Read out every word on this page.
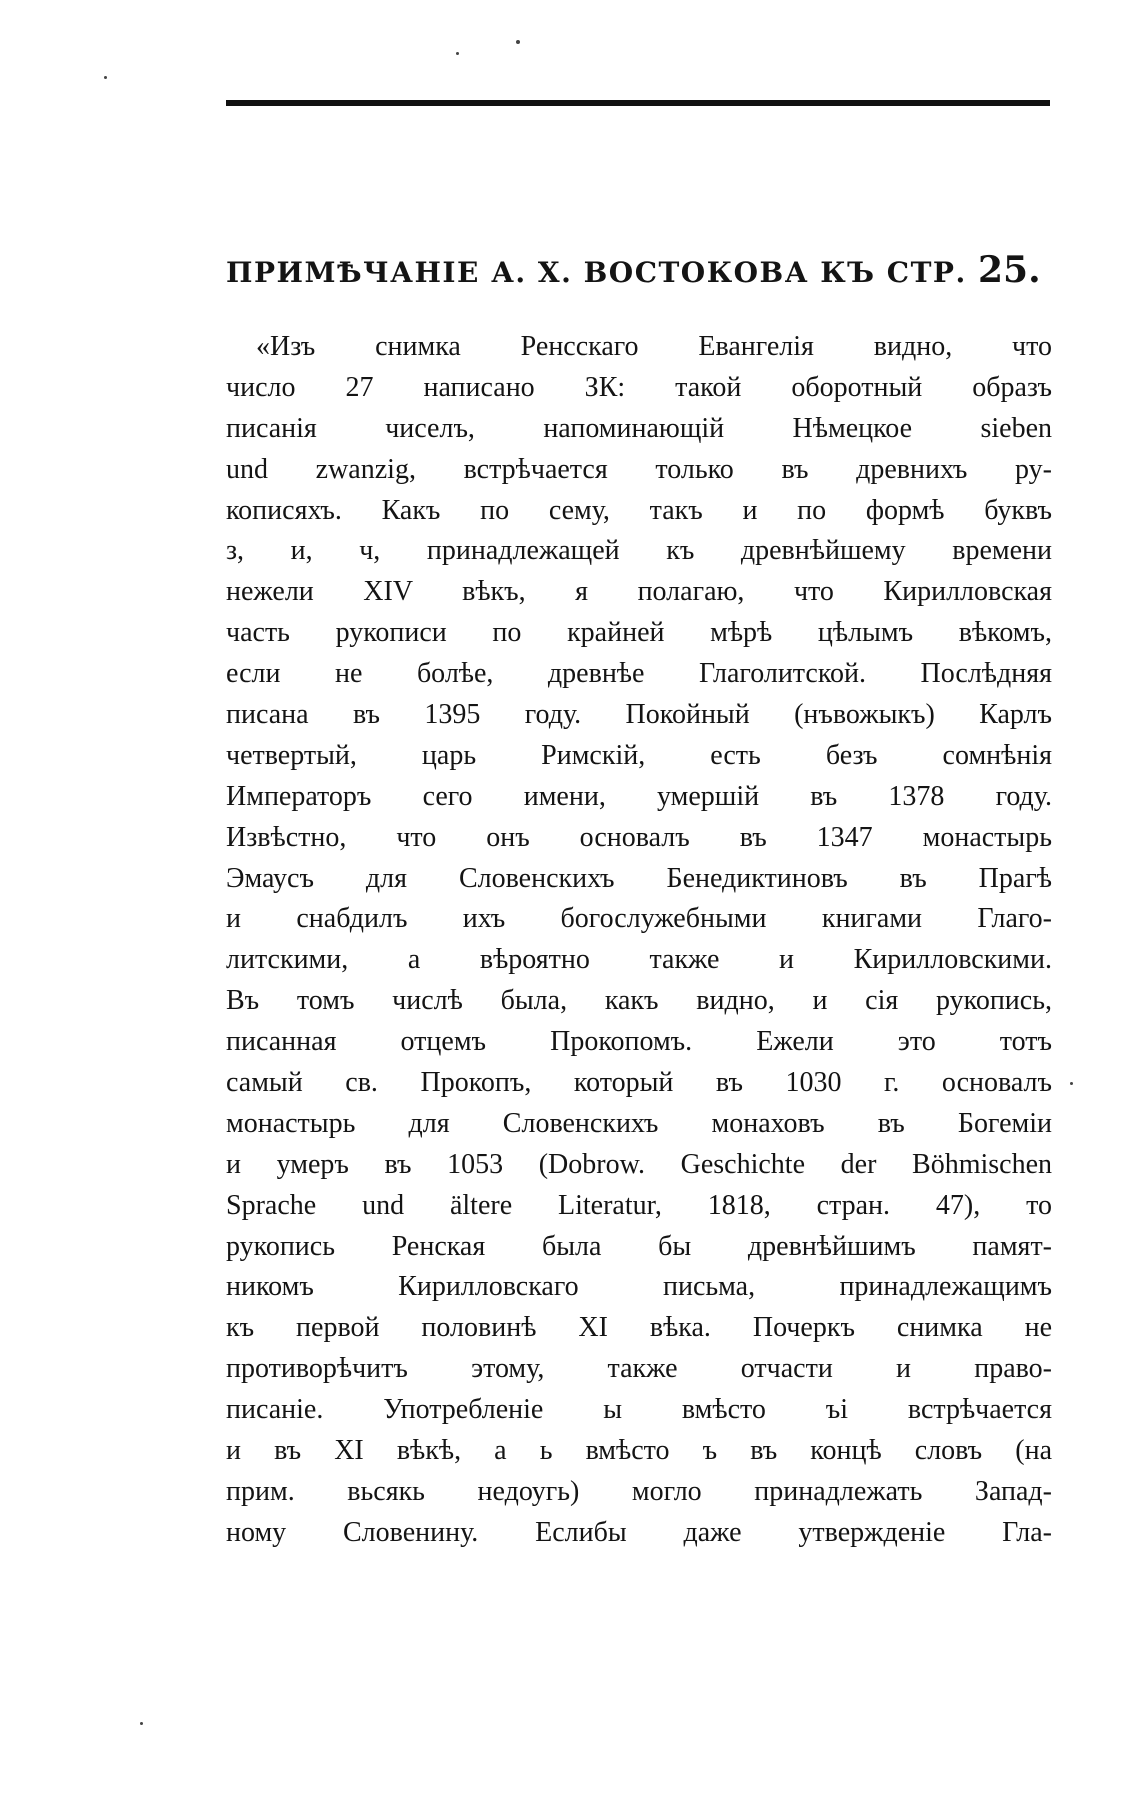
ПРИМѢЧАНІЕ А. Х. ВОСТОКОВА КЪ СТР. 25.
«Изъ снимка Ренсскаго Евангелія видно, что
число 27 написано ЗК: такой оборотный образъ
писанія чиселъ, напоминающій Нѣмецкое sieben
und zwanzig, встрѣчается только въ древнихъ ру-
кописяхъ. Какъ по сему, такъ и по формѣ буквъ
з, и, ч, принадлежащей къ древнѣйшему времени
нежели XIV вѣкъ, я полагаю, что Кирилловская
часть рукописи по крайней мѣрѣ цѣлымъ вѣкомъ,
если не болѣе, древнѣе Глаголитской. Послѣдняя
писана въ 1395 году. Покойный (нъвожыкъ) Карлъ
четвертый, царь Римскій, есть безъ сомнѣнія
Императоръ сего имени, умершій въ 1378 году.
Извѣстно, что онъ основалъ въ 1347 монастырь
Эмаусъ для Словенскихъ Бенедиктиновъ въ Прагѣ
и снабдилъ ихъ богослужебными книгами Глаго-
литскими, а вѣроятно также и Кирилловскими.
Въ томъ числѣ была, какъ видно, и сія рукопись,
писанная отцемъ Прокопомъ. Ежели это тотъ
самый св. Прокопъ, который въ 1030 г. основалъ
монастырь для Словенскихъ монаховъ въ Богеміи
и умеръ въ 1053 (Dobrow. Geschichte der Böhmischen
Sprache und ältere Literatur, 1818, стран. 47), то
рукопись Ренская была бы древнѣйшимъ памят-
никомъ Кирилловскаго письма, принадлежащимъ
къ первой половинѣ XI вѣка. Почеркъ снимка не
противорѣчитъ этому, также отчасти и право-
писаніе. Употребленіе ы вмѣсто ъі встрѣчается
и въ XI вѣкѣ, а ь вмѣсто ъ въ концѣ словъ (на
прим. вьсякь недоугь) могло принадлежать Запад-
ному Словенину. Еслибы даже утвержденіе Гла-
